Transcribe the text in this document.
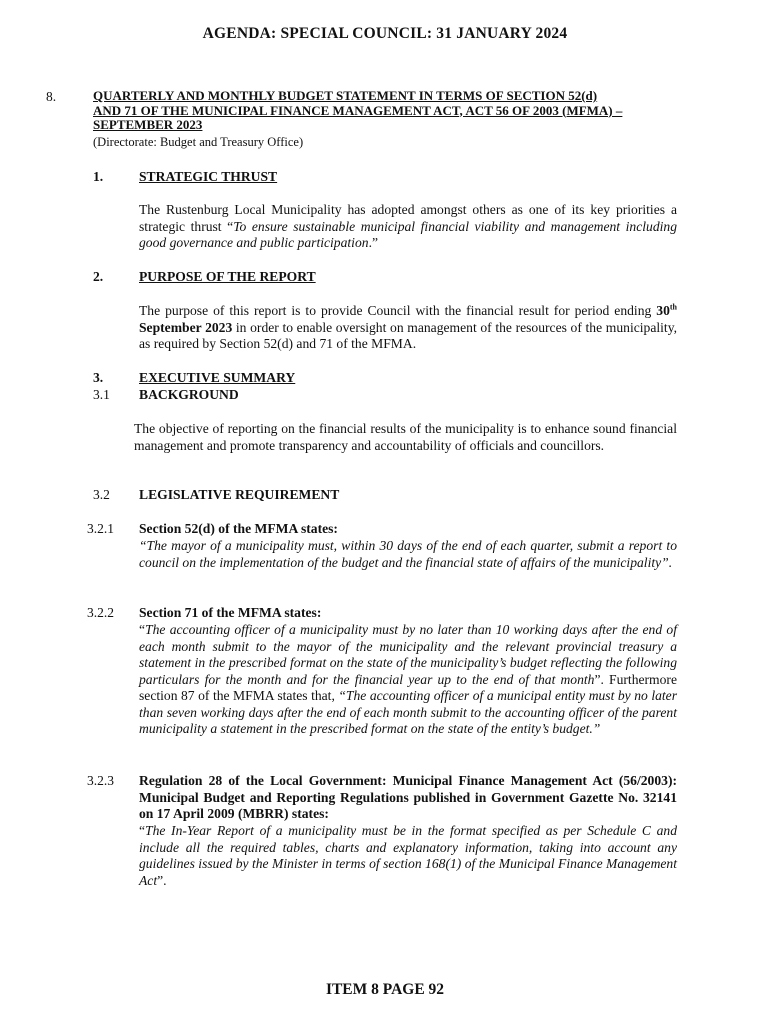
AGENDA: SPECIAL COUNCIL: 31 JANUARY 2024
8.	QUARTERLY AND MONTHLY BUDGET STATEMENT IN TERMS OF SECTION 52(d)
AND 71 OF THE MUNICIPAL FINANCE MANAGEMENT ACT, ACT 56 OF 2003 (MFMA) –
SEPTEMBER 2023
(Directorate: Budget and Treasury Office)
1.	STRATEGIC THRUST
The Rustenburg Local Municipality has adopted amongst others as one of its key priorities a strategic thrust “To ensure sustainable municipal financial viability and management including good governance and public participation.”
2.	PURPOSE OF THE REPORT
The purpose of this report is to provide Council with the financial result for period ending 30th September 2023 in order to enable oversight on management of the resources of the municipality, as required by Section 52(d) and 71 of the MFMA.
3.	EXECUTIVE SUMMARY
3.1 BACKGROUND
The objective of reporting on the financial results of the municipality is to enhance sound financial management and promote transparency and accountability of officials and councillors.
3.2 LEGISLATIVE REQUIREMENT
3.2.1 Section 52(d) of the MFMA states:
“The mayor of a municipality must, within 30 days of the end of each quarter, submit a report to council on the implementation of the budget and the financial state of affairs of the municipality”.
3.2.2 Section 71 of the MFMA states:
“The accounting officer of a municipality must by no later than 10 working days after the end of each month submit to the mayor of the municipality and the relevant provincial treasury a statement in the prescribed format on the state of the municipality’s budget reflecting the following particulars for the month and for the financial year up to the end of that month”. Furthermore section 87 of the MFMA states that, “The accounting officer of a municipal entity must by no later than seven working days after the end of each month submit to the accounting officer of the parent municipality a statement in the prescribed format on the state of the entity’s budget.”
3.2.3 Regulation 28 of the Local Government: Municipal Finance Management Act (56/2003): Municipal Budget and Reporting Regulations published in Government Gazette No. 32141 on 17 April 2009 (MBRR) states:
“The In-Year Report of a municipality must be in the format specified as per Schedule C and include all the required tables, charts and explanatory information, taking into account any guidelines issued by the Minister in terms of section 168(1) of the Municipal Finance Management Act”.
ITEM 8 PAGE 92
